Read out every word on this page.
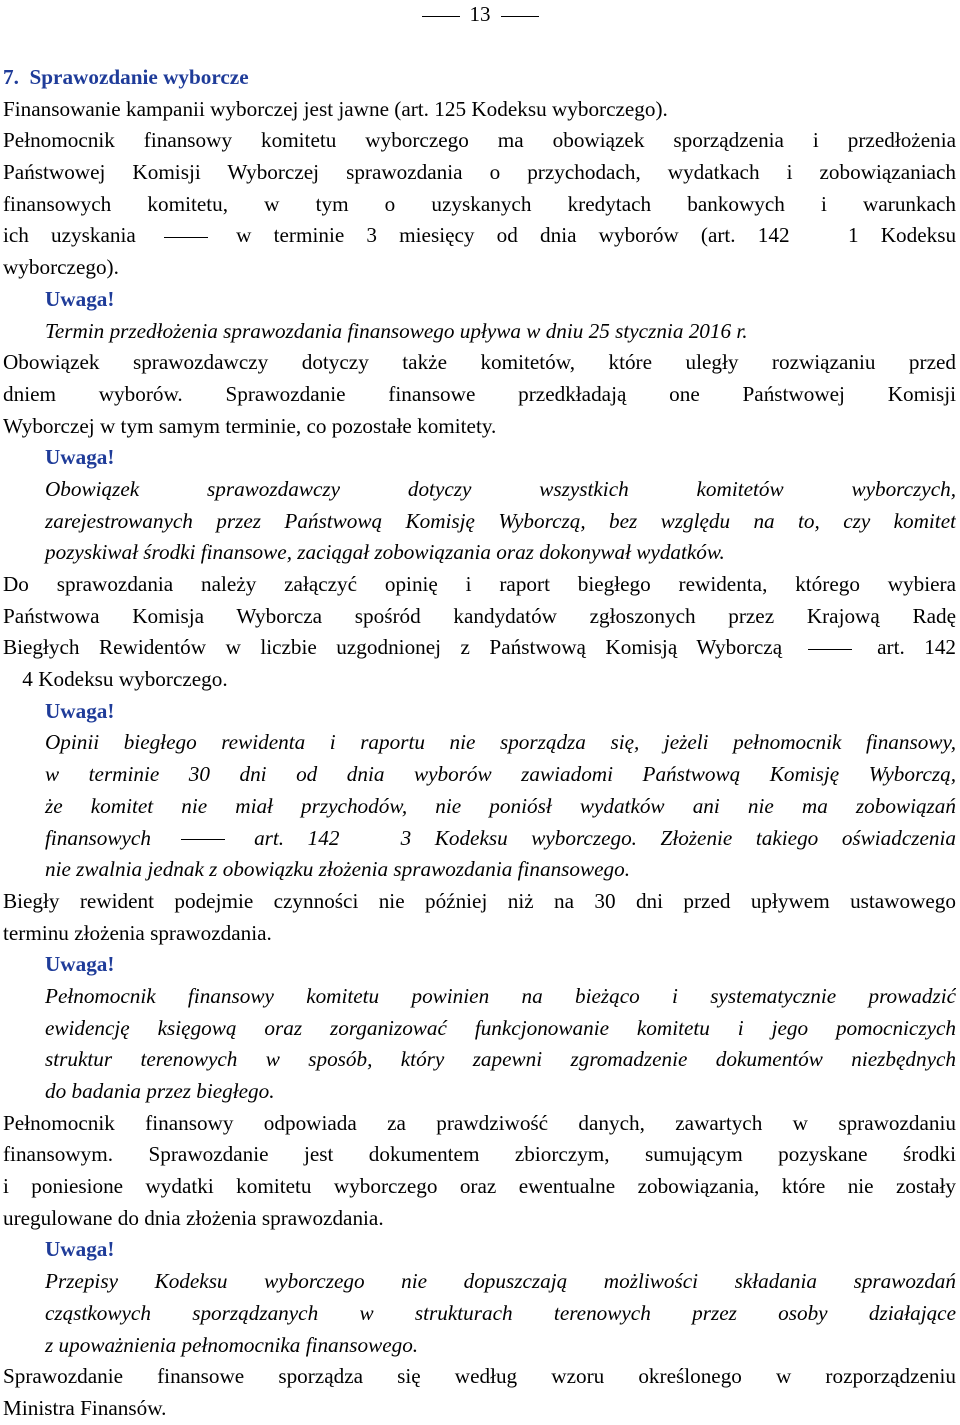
13
7.  Sprawozdanie wyborcze
Finansowanie kampanii wyborczej jest jawne (art. 125 Kodeksu wyborczego).
Pełnomocnik finansowy komitetu wyborczego ma obowiązek sporządzenia i przedłożenia
Państwowej Komisji Wyborczej sprawozdania o przychodach, wydatkach i zobowiązaniach
finansowych komitetu, w tym o uzyskanych kredytach bankowych i warunkach
ich uzyskania	w terminie 3 miesięcy od dnia wyborów (art. 142	1 Kodeksu
wyborczego).
Uwaga!
Termin przedłożenia sprawozdania finansowego upływa w dniu 25 stycznia 2016 r.
Obowiązek sprawozdawczy dotyczy także komitetów, które uległy rozwiązaniu przed
dniem wyborów. Sprawozdanie finansowe przedkładają one Państwowej Komisji
Wyborczej w tym samym terminie, co pozostałe komitety.
Uwaga!
Obowiązek sprawozdawczy dotyczy wszystkich komitetów wyborczych,
zarejestrowanych przez Państwową Komisję Wyborczą, bez względu na to, czy komitet
pozyskiwał środki finansowe, zaciągał zobowiązania oraz dokonywał wydatków.
Do sprawozdania należy załączyć opinię i raport biegłego rewidenta, którego wybiera
Państwowa Komisja Wyborcza spośród kandydatów zgłoszonych przez Krajową Radę
Biegłych Rewidentów w liczbie uzgodnionej z Państwową Komisją Wyborczą	art. 142
4 Kodeksu wyborczego.
Uwaga!
Opinii biegłego rewidenta i raportu nie sporządza się, jeżeli pełnomocnik finansowy,
w terminie 30 dni od dnia wyborów zawiadomi Państwową Komisję Wyborczą,
że komitet nie miał przychodów, nie poniósł wydatków ani nie ma zobowiązań
finansowych	art. 142	3 Kodeksu wyborczego. Złożenie takiego oświadczenia
nie zwalnia jednak z obowiązku złożenia sprawozdania finansowego.
Biegły rewident podejmie czynności nie później niż na 30 dni przed upływem ustawowego
terminu złożenia sprawozdania.
Uwaga!
Pełnomocnik finansowy komitetu powinien na bieżąco i systematycznie prowadzić
ewidencję księgową oraz zorganizować funkcjonowanie komitetu i jego pomocniczych
struktur terenowych w sposób, który zapewni zgromadzenie dokumentów niezbędnych
do badania przez biegłego.
Pełnomocnik finansowy odpowiada za prawdziwość danych, zawartych w sprawozdaniu
finansowym. Sprawozdanie jest dokumentem zbiorczym, sumującym pozyskane środki
i poniesione wydatki komitetu wyborczego oraz ewentualne zobowiązania, które nie zostały
uregulowane do dnia złożenia sprawozdania.
Uwaga!
Przepisy Kodeksu wyborczego nie dopuszczają możliwości składania sprawozdań
cząstkowych sporządzanych w strukturach terenowych przez osoby działające
z upoważnienia pełnomocnika finansowego.
Sprawozdanie finansowe sporządza się według wzoru określonego w rozporządzeniu
Ministra Finansów.
